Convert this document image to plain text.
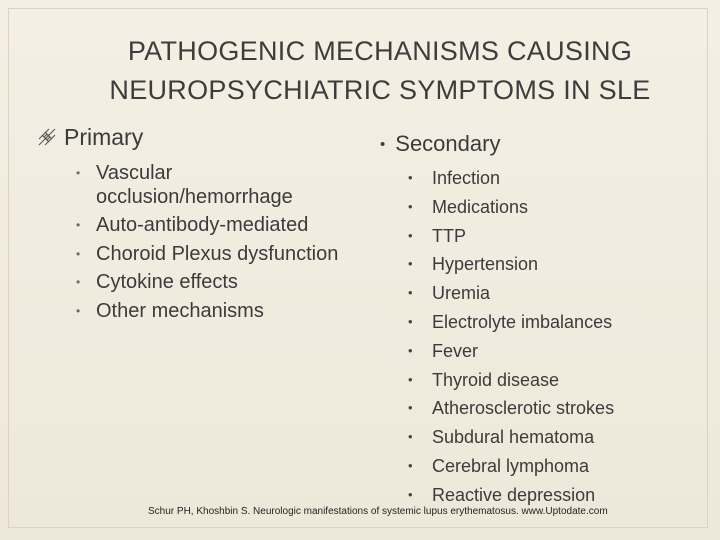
PATHOGENIC MECHANISMS CAUSING
NEUROPSYCHIATRIC SYMPTOMS IN SLE
Primary
• Vascular occlusion/hemorrhage
• Auto-antibody-mediated
• Choroid Plexus dysfunction
• Cytokine effects
• Other mechanisms
• Secondary
• Infection
• Medications
• TTP
• Hypertension
• Uremia
• Electrolyte imbalances
• Fever
• Thyroid disease
• Atherosclerotic strokes
• Subdural hematoma
• Cerebral lymphoma
• Reactive depression
Schur PH, Khoshbin S. Neurologic manifestations of systemic lupus erythematosus. www.Uptodate.com
